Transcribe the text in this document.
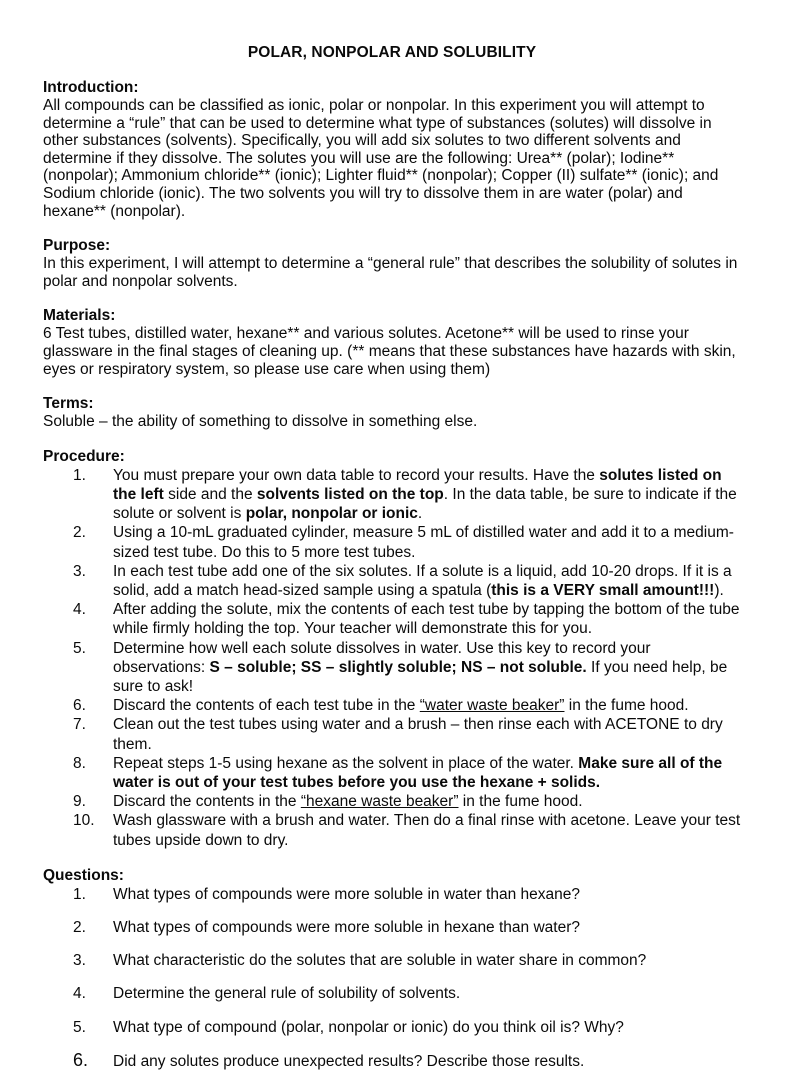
POLAR, NONPOLAR AND SOLUBILITY
Introduction:

All compounds can be classified as ionic, polar or nonpolar. In this experiment you will attempt to determine a “rule” that can be used to determine what type of substances (solutes) will dissolve in other substances (solvents). Specifically, you will add six solutes to two different solvents and determine if they dissolve. The solutes you will use are the following: Urea** (polar); Iodine** (nonpolar); Ammonium chloride** (ionic); Lighter fluid** (nonpolar); Copper (II) sulfate** (ionic); and Sodium chloride (ionic). The two solvents you will try to dissolve them in are water (polar) and hexane** (nonpolar).

Purpose:

In this experiment, I will attempt to determine a “general rule” that describes the solubility of solutes in polar and nonpolar solvents.

Materials:

6 Test tubes, distilled water, hexane** and various solutes. Acetone** will be used to rinse your glassware in the final stages of cleaning up. (** means that these substances have hazards with skin, eyes or respiratory system, so please use care when using them)

Terms:

Soluble – the ability of something to dissolve in something else.

Procedure:
1.	You must prepare your own data table to record your results. Have the solutes listed on the left side and the solvents listed on the top. In the data table, be sure to indicate if the solute or solvent is polar, nonpolar or ionic.
2.	Using a 10-mL graduated cylinder, measure 5 mL of distilled water and add it to a medium-sized test tube. Do this to 5 more test tubes.
3.	In each test tube add one of the six solutes. If a solute is a liquid, add 10-20 drops. If it is a solid, add a match head-sized sample using a spatula (this is a VERY small amount!!!).
4.	After adding the solute, mix the contents of each test tube by tapping the bottom of the tube while firmly holding the top. Your teacher will demonstrate this for you.
5.	Determine how well each solute dissolves in water. Use this key to record your observations: S – soluble; SS – slightly soluble; NS – not soluble. If you need help, be sure to ask!
6.	Discard the contents of each test tube in the “water waste beaker” in the fume hood.
7.	Clean out the test tubes using water and a brush – then rinse each with ACETONE to dry them.
8.	Repeat steps 1-5 using hexane as the solvent in place of the water. Make sure all of the water is out of your test tubes before you use the hexane + solids.
9.	Discard the contents in the “hexane waste beaker” in the fume hood.
10.	Wash glassware with a brush and water. Then do a final rinse with acetone. Leave your test tubes upside down to dry.
Questions:
1.	What types of compounds were more soluble in water than hexane?
2.	What types of compounds were more soluble in hexane than water?
3.	What characteristic do the solutes that are soluble in water share in common?
4.	Determine the general rule of solubility of solvents.
5.	What type of compound (polar, nonpolar or ionic) do you think oil is? Why?
6.	Did any solutes produce unexpected results? Describe those results.
